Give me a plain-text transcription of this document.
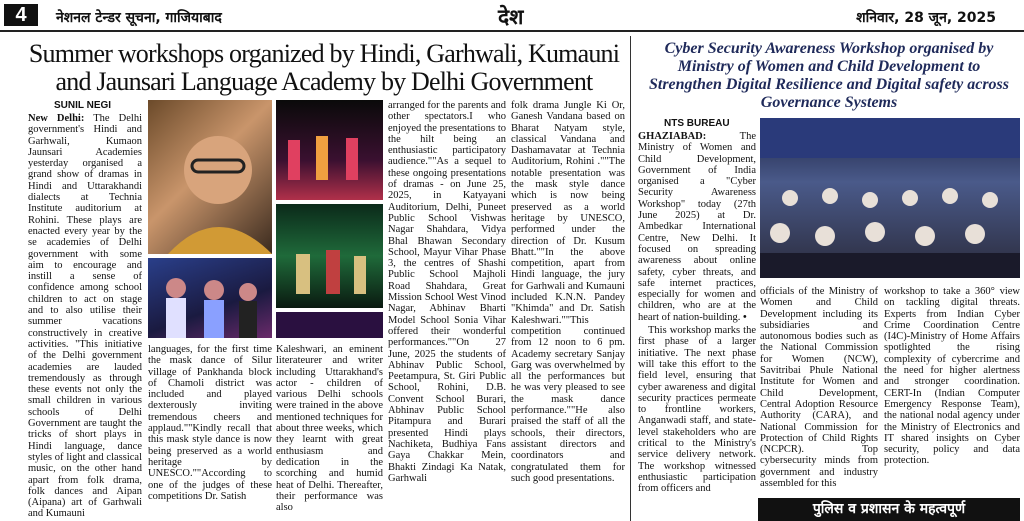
4	नेशनल टेन्डर सूचना, गाजियाबाद	देश	शनिवार, 28 जून, 2025
Summer workshops organized by Hindi, Garhwali, Kumauni and Jaunsari Language Academy by Delhi Government

SUNIL NEGI

New Delhi: The Delhi government's Hindi and Garhwali, Kumaon Jaunsari Academies yesterday organised a grand show of dramas in Hindi and Uttarakhandi dialects at Technia Institute auditorium at Rohini. These plays are enacted every year by the se academies of Delhi government with some aim to encourage and instill a sense of confidence among school children to act on stage and to also utilise their summer vacations constructively in creative activities. "This initiative of the Delhi government academies are lauded tremendously as through these events not only the small children in various schools of Delhi Government are taught the tricks of short plays in Hindi language, dance styles of light and classical music, on the other hand apart from folk drama, folk dances and Aipan (Aipana) art of Garhwali and Kumauni

languages, for the first time the mask dance of Silur village of Pankhanda block of Chamoli district was included and played dexterously inviting tremendous cheers and applaud.""Kindly recall that this mask style dance is now being preserved as a world heritage by UNESCO.""According to one of the judges of these competitions Dr. Satish

Kaleshwari, an eminent literateurer and writer including Uttarakhand's actor - children of various Delhi schools were trained in the above mentioned techniques for about three weeks, which they learnt with great enthusiasm and dedication in the scorching and humid heat of Delhi. Thereafter, their performance was also

arranged for the parents and other spectators.I who enjoyed the presentations to the hilt being an enthusiastic participatory audience.""As a sequel to these ongoing presentations of dramas - on June 25, 2025, in Katyayani Auditorium, Delhi, Puneet Public School Vishwas Nagar Shahdara, Vidya Bhal Bhawan Secondary School, Mayur Vihar Phase 3, the centres of Shashi Public School Majholi Road Shahdara, Great Mission School West Vinod Nagar, Abhinav Bharti Model School Sonia Vihar offered their wonderful performances.""On 27 June, 2025 the students of Abhinav Public School, Peetampura, St. Giri Public School, Rohini, D.B. Convent School Burari, Abhinav Public School Pitampura and Burari presented Hindi plays Nachiketa, Budhiya Fans Gaya Chakkar Mein, Bhakti Zindagi Ka Natak, Garhwali

folk drama Jungle Ki Or, Ganesh Vandana based on Bharat Natyam style, classical Vandana and Dashamavatar at Technia Auditorium, Rohini .""The notable presentation was the mask style dance which is now being preserved as a world heritage by UNESCO, performed under the direction of Dr. Kusum Bhatt.""In the above competition, apart from Hindi language, the jury for Garhwali and Kumauni included K.N.N. Pandey "Khimda" and Dr. Satish Kaleshwari.""This competition continued from 12 noon to 6 pm. Academy secretary Sanjay Garg was overwhelmed by all the performances but he was very pleased to see the mask dance performance.""He also praised the staff of all the schools, their directors, assistant directors and coordinators and congratulated them for such good presentations.

Cyber Security Awareness Workshop organised by Ministry of Women and Child Development to Strengthen Digital Resilience and Digital safety across Governance Systems

NTS BUREAU

GHAZIABAD:	The Ministry of Women and Child Development, Government of India organised a "Cyber Security Awareness Workshop" today (27th June 2025) at Dr. Ambedkar International Centre, New Delhi. It focused on spreading awareness about online safety, cyber threats, and safe internet practices, especially for women and children, who are at the heart of nation-building. •

This workshop marks the first phase of a larger initiative. The next phase will take this effort to the field level, ensuring that cyber awareness and digital security practices permeate to frontline workers, Anganwadi staff, and state-level stakeholders who are critical to the Ministry's service delivery network. The workshop witnessed enthusiastic participation from officers and

officials of the Ministry of Women and Child Development including its subsidiaries and autonomous bodies such as the National Commission for Women (NCW), Savitribai Phule National Institute for Women and Child Development, Central Adoption Resource Authority (CARA), and National Commission for Protection of Child Rights (NCPCR). Top cybersecurity minds from government and industry assembled for this

workshop to take a 360° view on tackling digital threats. Experts from Indian Cyber Crime Coordination Centre (I4C)-Ministry of Home Affairs spotlighted the rising complexity of cybercrime and the need for higher alertness and stronger coordination. CERT-In (Indian Computer Emergency Response Team), the national nodal agency under the Ministry of Electronics and IT shared insights on Cyber security, policy and data protection.

पुलिस व प्रशासन के महत्वपूर्ण
